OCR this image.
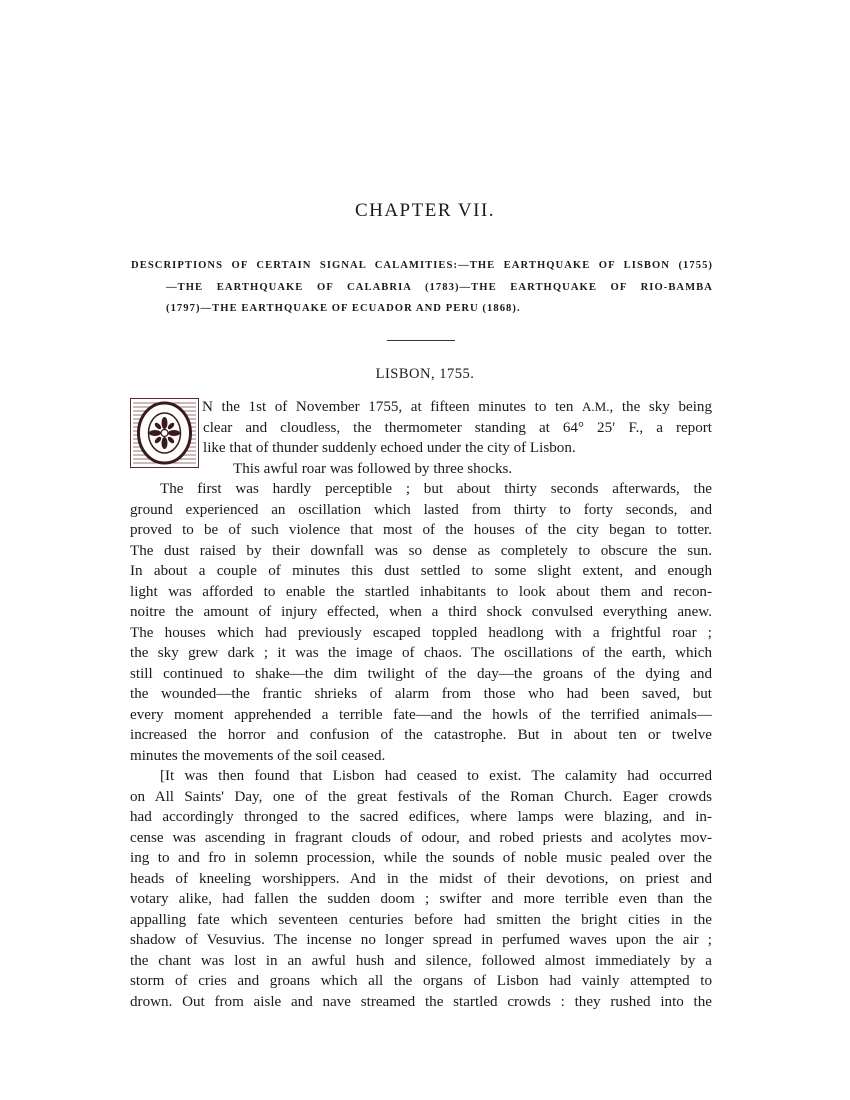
CHAPTER VII.
DESCRIPTIONS OF CERTAIN SIGNAL CALAMITIES:—THE EARTHQUAKE OF LISBON (1755)
—THE EARTHQUAKE OF CALABRIA (1783)—THE EARTHQUAKE OF RIO-BAMBA
(1797)—THE EARTHQUAKE OF ECUADOR AND PERU (1868).
LISBON, 1755.
N the 1st of November 1755, at fifteen minutes to ten A.M., the sky being
clear and cloudless, the thermometer standing at 64° 25′ F., a report
like that of thunder suddenly echoed under the city of Lisbon.
This awful roar was followed by three shocks.
The first was hardly perceptible ; but about thirty seconds afterwards, the
ground experienced an oscillation which lasted from thirty to forty seconds, and
proved to be of such violence that most of the houses of the city began to totter.
The dust raised by their downfall was so dense as completely to obscure the sun.
In about a couple of minutes this dust settled to some slight extent, and enough
light was afforded to enable the startled inhabitants to look about them and recon-
noitre the amount of injury effected, when a third shock convulsed everything anew.
The houses which had previously escaped toppled headlong with a frightful roar ;
the sky grew dark ; it was the image of chaos. The oscillations of the earth, which
still continued to shake—the dim twilight of the day—the groans of the dying and
the wounded—the frantic shrieks of alarm from those who had been saved, but
every moment apprehended a terrible fate—and the howls of the terrified animals—
increased the horror and confusion of the catastrophe. But in about ten or twelve
minutes the movements of the soil ceased.
[It was then found that Lisbon had ceased to exist. The calamity had occurred
on All Saints' Day, one of the great festivals of the Roman Church. Eager crowds
had accordingly thronged to the sacred edifices, where lamps were blazing, and in-
cense was ascending in fragrant clouds of odour, and robed priests and acolytes mov-
ing to and fro in solemn procession, while the sounds of noble music pealed over the
heads of kneeling worshippers. And in the midst of their devotions, on priest and
votary alike, had fallen the sudden doom ; swifter and more terrible even than the
appalling fate which seventeen centuries before had smitten the bright cities in the
shadow of Vesuvius. The incense no longer spread in perfumed waves upon the air ;
the chant was lost in an awful hush and silence, followed almost immediately by a
storm of cries and groans which all the organs of Lisbon had vainly attempted to
drown. Out from aisle and nave streamed the startled crowds : they rushed into the
